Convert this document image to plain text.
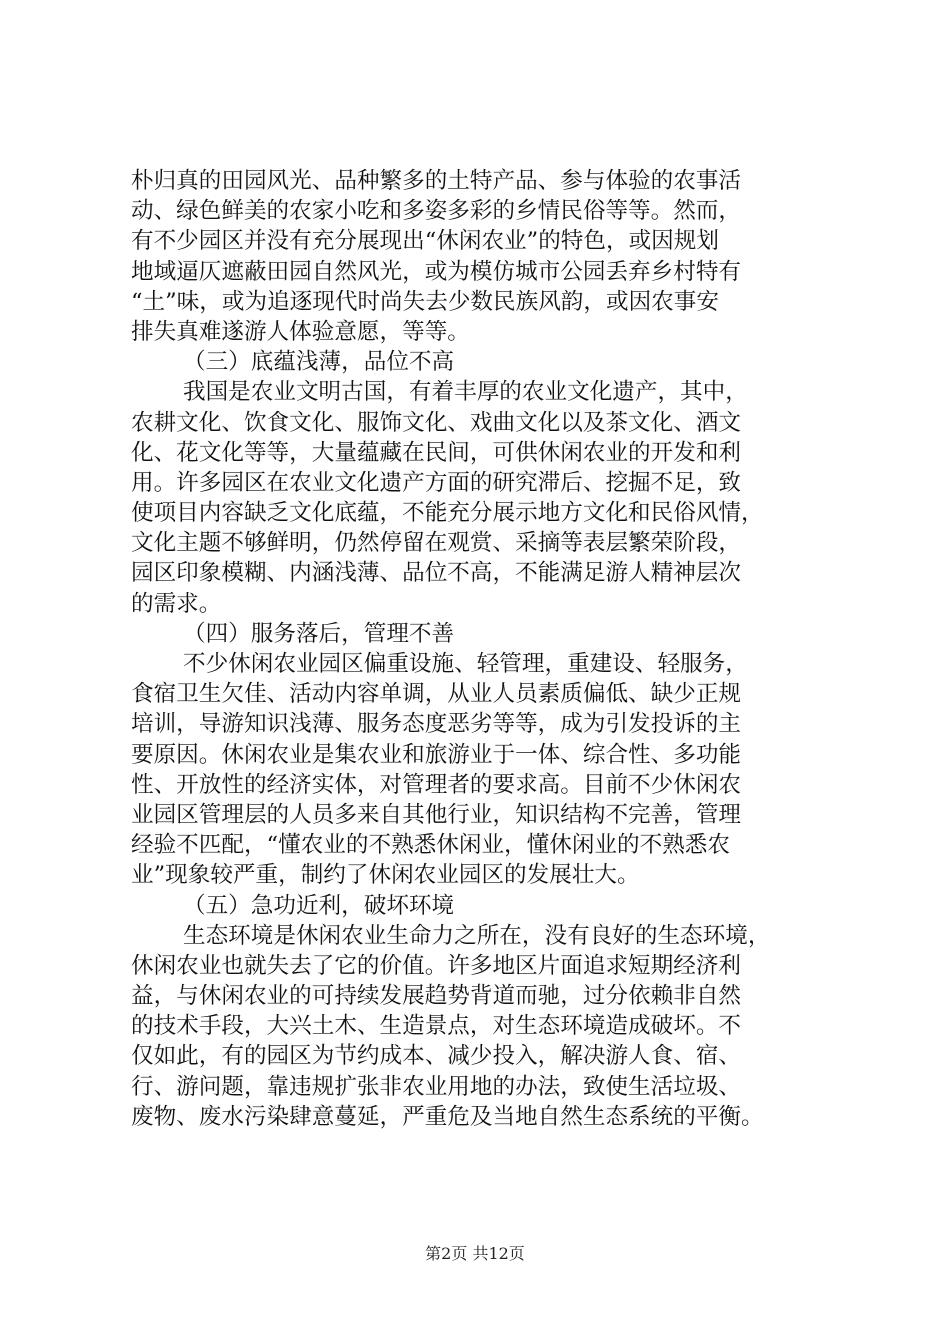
朴归真的田园风光、品种繁多的土特产品、参与体验的农事活
动、绿色鲜美的农家小吃和多姿多彩的乡情民俗等等。然而，
有不少园区并没有充分展现出“休闲农业”的特色，或因规划
地域逼仄遮蔽田园自然风光，或为模仿城市公园丢弃乡村特有
“土”味，或为追逐现代时尚失去少数民族风韵，或因农事安
排失真难遂游人体验意愿，等等。
（三）底蕴浅薄，品位不高
我国是农业文明古国，有着丰厚的农业文化遗产，其中，
农耕文化、饮食文化、服饰文化、戏曲文化以及茶文化、酒文
化、花文化等等，大量蕴藏在民间，可供休闲农业的开发和利
用。许多园区在农业文化遗产方面的研究滞后、挖掘不足，致
使项目内容缺乏文化底蕴，不能充分展示地方文化和民俗风情，
文化主题不够鲜明，仍然停留在观赏、采摘等表层繁荣阶段，
园区印象模糊、内涵浅薄、品位不高，不能满足游人精神层次
的需求。
（四）服务落后，管理不善
不少休闲农业园区偏重设施、轻管理，重建设、轻服务，
食宿卫生欠佳、活动内容单调，从业人员素质偏低、缺少正规
培训，导游知识浅薄、服务态度恶劣等等，成为引发投诉的主
要原因。休闲农业是集农业和旅游业于一体、综合性、多功能
性、开放性的经济实体，对管理者的要求高。目前不少休闲农
业园区管理层的人员多来自其他行业，知识结构不完善，管理
经验不匹配，“懂农业的不熟悉休闲业，懂休闲业的不熟悉农
业”现象较严重，制约了休闲农业园区的发展壮大。
（五）急功近利，破坏环境
生态环境是休闲农业生命力之所在，没有良好的生态环境，
休闲农业也就失去了它的价值。许多地区片面追求短期经济利
益，与休闲农业的可持续发展趋势背道而驰，过分依赖非自然
的技术手段，大兴土木、生造景点，对生态环境造成破坏。不
仅如此，有的园区为节约成本、减少投入，解决游人食、宿、
行、游问题，靠违规扩张非农业用地的办法，致使生活垃圾、
废物、废水污染肆意蔓延，严重危及当地自然生态系统的平衡。
第2页 共12页
